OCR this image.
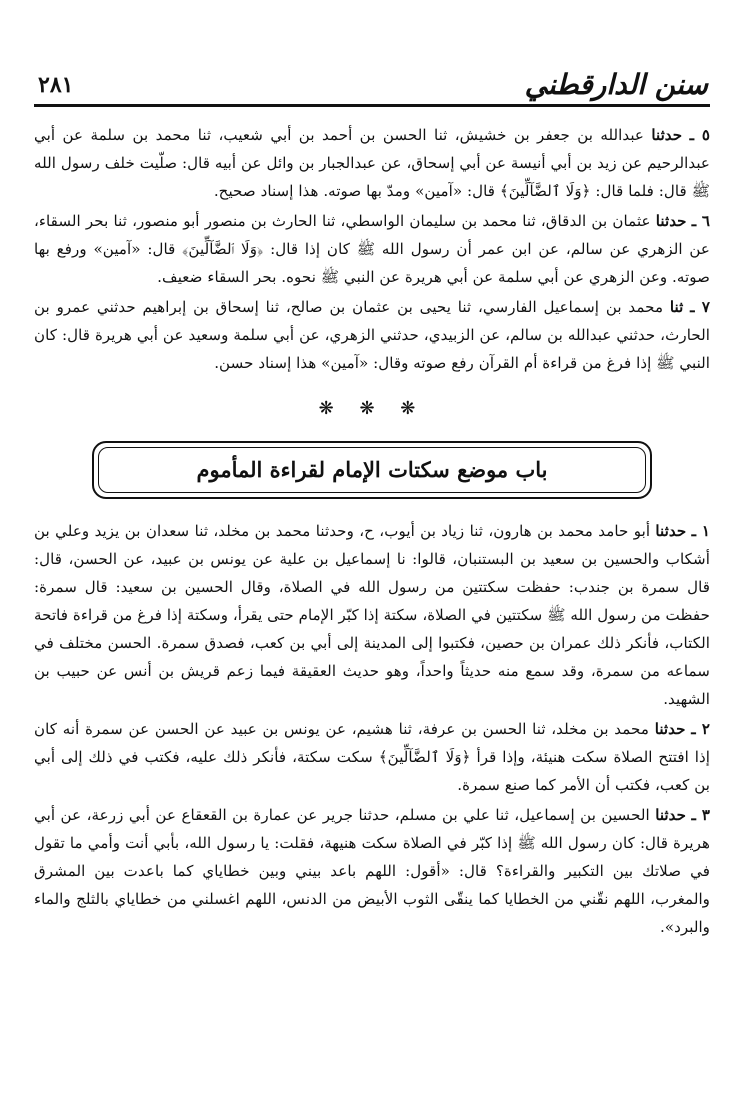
سنن الدارقطني
٢٨١

٥ ـ حدثنا عبدالله بن جعفر بن خشيش، ثنا الحسن بن أحمد بن أبي شعيب، ثنا محمد بن سلمة عن أبي عبدالرحيم عن زيد بن أبي أنيسة عن أبي إسحاق، عن عبدالجبار بن وائل عن أبيه قال: صلّيت خلف رسول الله ﷺ قال: فلما قال: ﴿وَلَا ٱلضَّآلِّينَ﴾ قال: «آمين» ومدّ بها صوته. هذا إسناد صحيح.

٦ ـ حدثنا عثمان بن الدقاق، ثنا محمد بن سليمان الواسطي، ثنا الحارث بن منصور أبو منصور، ثنا بحر السقاء، عن الزهري عن سالم، عن ابن عمر أن رسول الله ﷺ كان إذا قال: ﴿وَلَا ٱلضَّآلِّينَ﴾ قال: «آمين» ورفع بها صوته. وعن الزهري عن أبي سلمة عن أبي هريرة عن النبي ﷺ نحوه. بحر السقاء ضعيف.

٧ ـ ثنا محمد بن إسماعيل الفارسي، ثنا يحيى بن عثمان بن صالح، ثنا إسحاق بن إبراهيم حدثني عمرو بن الحارث، حدثني عبدالله بن سالم، عن الزبيدي، حدثني الزهري، عن أبي سلمة وسعيد عن أبي هريرة قال: كان النبي ﷺ إذا فرغ من قراءة أم القرآن رفع صوته وقال: «آمين» هذا إسناد حسن.

❋ ❋ ❋
باب موضع سكتات الإمام لقراءة المأموم

١ ـ حدثنا أبو حامد محمد بن هارون، ثنا زياد بن أيوب، ح، وحدثنا محمد بن مخلد، ثنا سعدان بن يزيد وعلي بن أشكاب والحسين بن سعيد بن البستنبان، قالوا: نا إسماعيل بن علية عن يونس بن عبيد، عن الحسن، قال: قال سمرة بن جندب: حفظت سكتتين من رسول الله في الصلاة، وقال الحسين بن سعيد: قال سمرة: حفظت من رسول الله ﷺ سكتتين في الصلاة، سكتة إذا كبّر الإمام حتى يقرأ، وسكتة إذا فرغ من قراءة فاتحة الكتاب، فأنكر ذلك عمران بن حصين، فكتبوا إلى المدينة إلى أبي بن كعب، فصدق سمرة. الحسن مختلف في سماعه من سمرة، وقد سمع منه حديثاً واحداً، وهو حديث العقيقة فيما زعم قريش بن أنس عن حبيب بن الشهيد.

٢ ـ حدثنا محمد بن مخلد، ثنا الحسن بن عرفة، ثنا هشيم، عن يونس بن عبيد عن الحسن عن سمرة أنه كان إذا افتتح الصلاة سكت هنيئة، وإذا قرأ ﴿وَلَا ٱلضَّآلِّينَ﴾ سكت سكتة، فأنكر ذلك عليه، فكتب في ذلك إلى أبي بن كعب، فكتب أن الأمر كما صنع سمرة.

٣ ـ حدثنا الحسين بن إسماعيل، ثنا علي بن مسلم، حدثنا جرير عن عمارة بن القعقاع عن أبي زرعة، عن أبي هريرة قال: كان رسول الله ﷺ إذا كبّر في الصلاة سكت هنيهة، فقلت: يا رسول الله، بأبي أنت وأمي ما تقول في صلاتك بين التكبير والقراءة؟ قال: «أقول: اللهم باعد بيني وبين خطاياي كما باعدت بين المشرق والمغرب، اللهم نقّني من الخطايا كما ينقّى الثوب الأبيض من الدنس، اللهم اغسلني من خطاياي بالثلج والماء والبرد».
